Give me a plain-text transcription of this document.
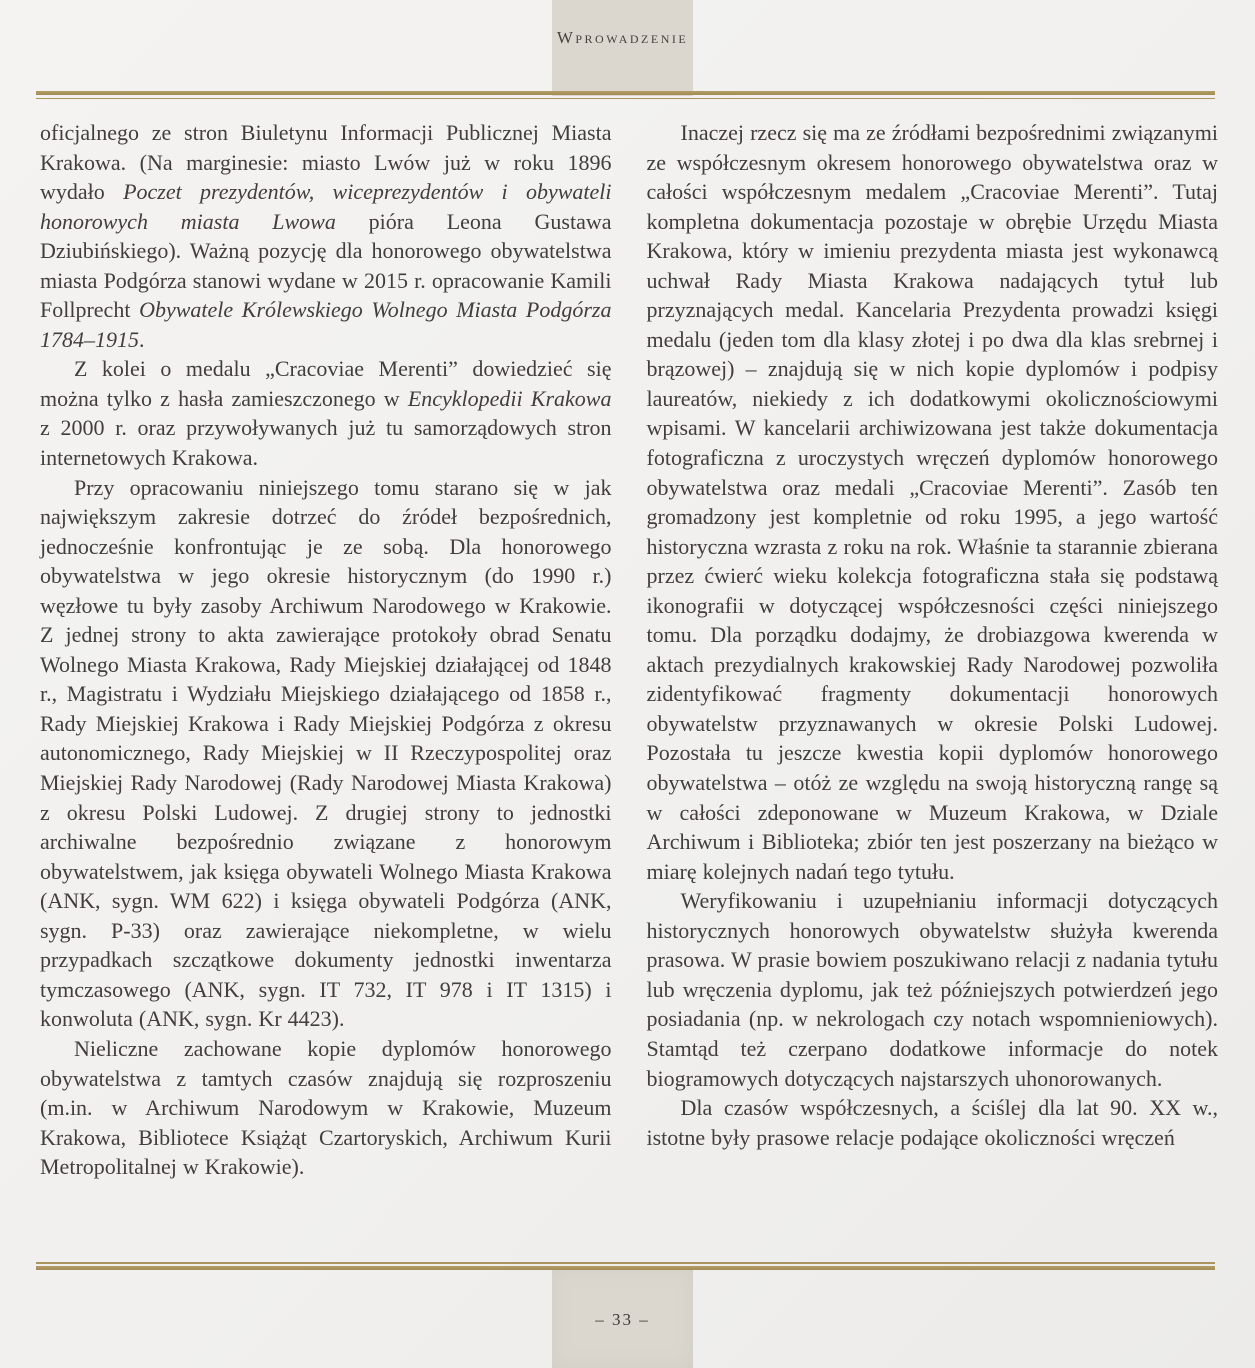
Wprowadzenie

oficjalnego ze stron Biuletynu Informacji Publicznej Miasta Krakowa. (Na marginesie: miasto Lwów już w roku 1896 wydało Poczet prezydentów, wiceprezydentów i obywateli honorowych miasta Lwowa pióra Leona Gustawa Dziubińskiego). Ważną pozycję dla honorowego obywatelstwa miasta Podgórza stanowi wydane w 2015 r. opracowanie Kamili Follprecht Obywatele Królewskiego Wolnego Miasta Podgórza 1784–1915.

Z kolei o medalu „Cracoviae Merenti” dowiedzieć się można tylko z hasła zamieszczonego w Encyklopedii Krakowa z 2000 r. oraz przywoływanych już tu samorządowych stron internetowych Krakowa.

Przy opracowaniu niniejszego tomu starano się w jak największym zakresie dotrzeć do źródeł bezpośrednich, jednocześnie konfrontując je ze sobą. Dla honorowego obywatelstwa w jego okresie historycznym (do 1990 r.) węzłowe tu były zasoby Archiwum Narodowego w Krakowie. Z jednej strony to akta zawierające protokoły obrad Senatu Wolnego Miasta Krakowa, Rady Miejskiej działającej od 1848 r., Magistratu i Wydziału Miejskiego działającego od 1858 r., Rady Miejskiej Krakowa i Rady Miejskiej Podgórza z okresu autonomicznego, Rady Miejskiej w II Rzeczypospolitej oraz Miejskiej Rady Narodowej (Rady Narodowej Miasta Krakowa) z okresu Polski Ludowej. Z drugiej strony to jednostki archiwalne bezpośrednio związane z honorowym obywatelstwem, jak księga obywateli Wolnego Miasta Krakowa (ANK, sygn. WM 622) i księga obywateli Podgórza (ANK, sygn. P-33) oraz zawierające niekompletne, w wielu przypadkach szczątkowe dokumenty jednostki inwentarza tymczasowego (ANK, sygn. IT 732, IT 978 i IT 1315) i konwoluta (ANK, sygn. Kr 4423).

Nieliczne zachowane kopie dyplomów honorowego obywatelstwa z tamtych czasów znajdują się rozproszeniu (m.in. w Archiwum Narodowym w Krakowie, Muzeum Krakowa, Bibliotece Książąt Czartoryskich, Archiwum Kurii Metropolitalnej w Krakowie).

Inaczej rzecz się ma ze źródłami bezpośrednimi związanymi ze współczesnym okresem honorowego obywatelstwa oraz w całości współczesnym medalem „Cracoviae Merenti”. Tutaj kompletna dokumentacja pozostaje w obrębie Urzędu Miasta Krakowa, który w imieniu prezydenta miasta jest wykonawcą uchwał Rady Miasta Krakowa nadających tytuł lub przyznających medal. Kancelaria Prezydenta prowadzi księgi medalu (jeden tom dla klasy złotej i po dwa dla klas srebrnej i brązowej) – znajdują się w nich kopie dyplomów i podpisy laureatów, niekiedy z ich dodatkowymi okolicznościowymi wpisami. W kancelarii archiwizowana jest także dokumentacja fotograficzna z uroczystych wręczeń dyplomów honorowego obywatelstwa oraz medali „Cracoviae Merenti”. Zasób ten gromadzony jest kompletnie od roku 1995, a jego wartość historyczna wzrasta z roku na rok. Właśnie ta starannie zbierana przez ćwierć wieku kolekcja fotograficzna stała się podstawą ikonografii w dotyczącej współczesności części niniejszego tomu. Dla porządku dodajmy, że drobiazgowa kwerenda w aktach prezydialnych krakowskiej Rady Narodowej pozwoliła zidentyfikować fragmenty dokumentacji honorowych obywatelstw przyznawanych w okresie Polski Ludowej. Pozostała tu jeszcze kwestia kopii dyplomów honorowego obywatelstwa – otóż ze względu na swoją historyczną rangę są w całości zdeponowane w Muzeum Krakowa, w Dziale Archiwum i Biblioteka; zbiór ten jest poszerzany na bieżąco w miarę kolejnych nadań tego tytułu.

Weryfikowaniu i uzupełnianiu informacji dotyczących historycznych honorowych obywatelstw służyła kwerenda prasowa. W prasie bowiem poszukiwano relacji z nadania tytułu lub wręczenia dyplomu, jak też późniejszych potwierdzeń jego posiadania (np. w nekrologach czy notach wspomnieniowych). Stamtąd też czerpano dodatkowe informacje do notek biogramowych dotyczących najstarszych uhonorowanych.

Dla czasów współczesnych, a ściślej dla lat 90. XX w., istotne były prasowe relacje podające okoliczności wręczeń

– 33 –
